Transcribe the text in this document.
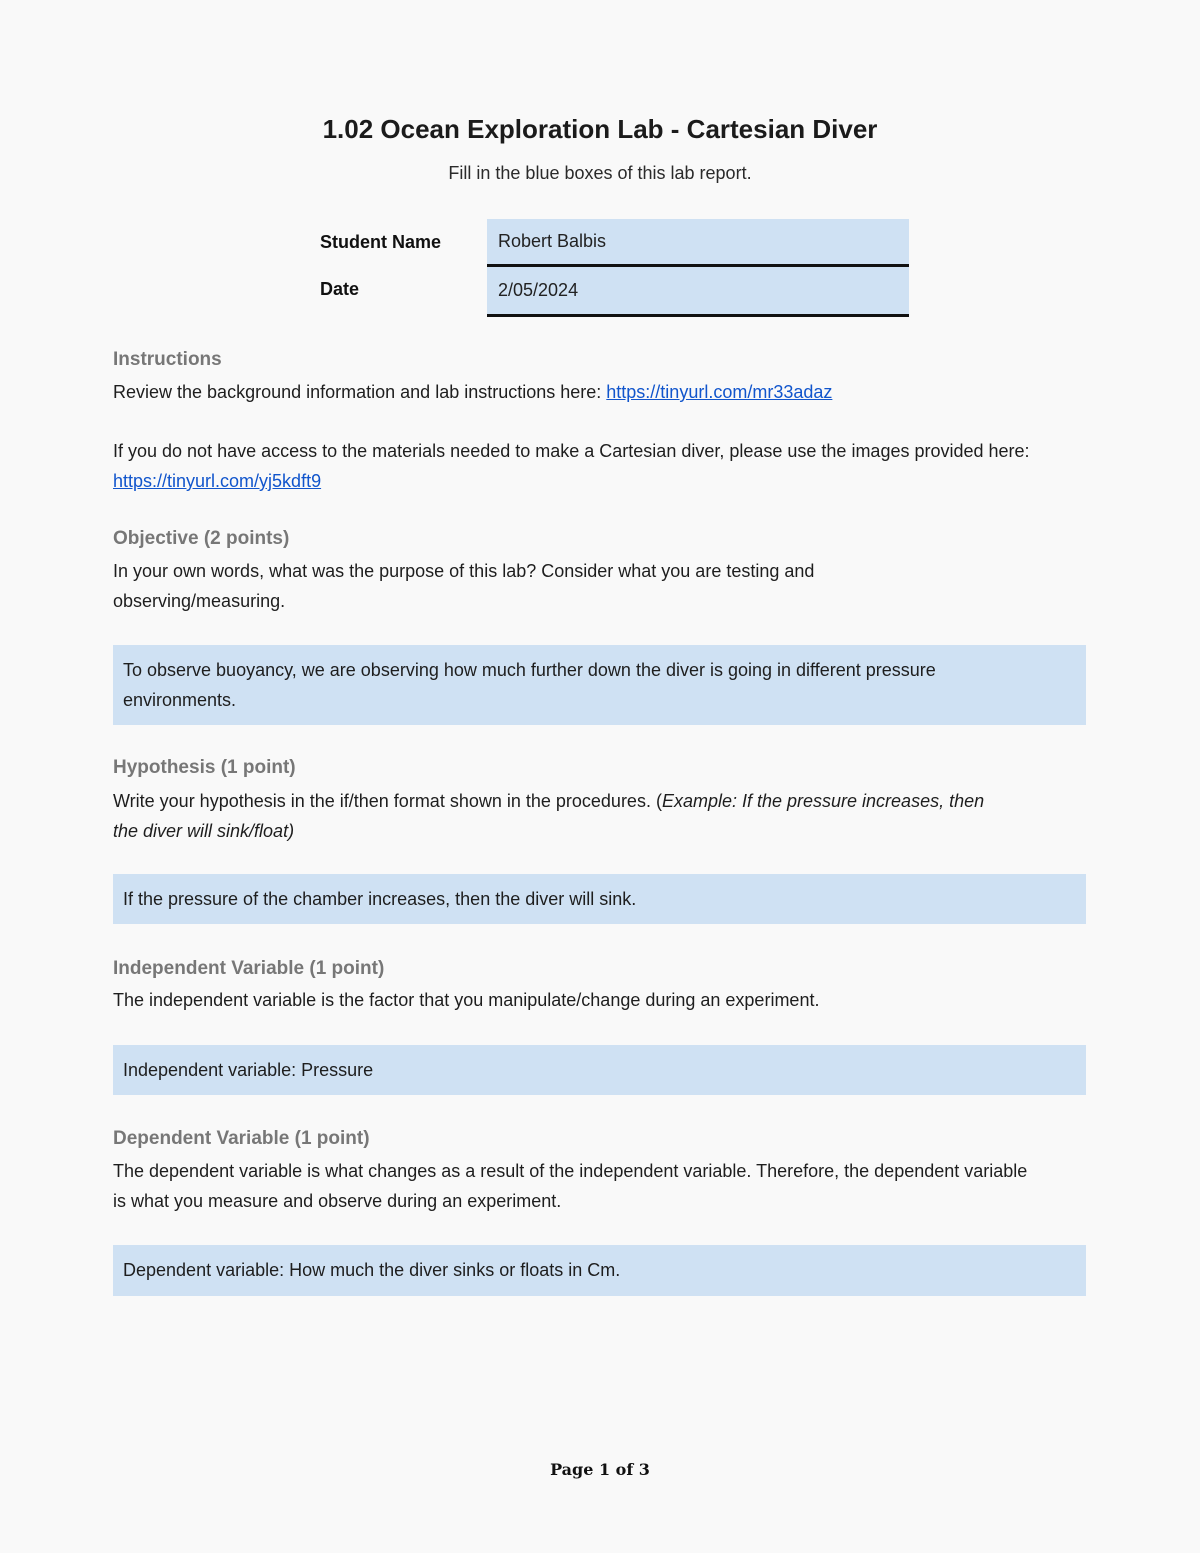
1.02 Ocean Exploration Lab - Cartesian Diver
Fill in the blue boxes of this lab report.
Student Name	Robert Balbis
Date	2/05/2024
Instructions
Review the background information and lab instructions here: https://tinyurl.com/mr33adaz
If you do not have access to the materials needed to make a Cartesian diver, please use the images provided here: https://tinyurl.com/yj5kdft9
Objective (2 points)
In your own words, what was the purpose of this lab? Consider what you are testing and observing/measuring.
To observe buoyancy, we are observing how much further down the diver is going in different pressure environments.
Hypothesis (1 point)
Write your hypothesis in the if/then format shown in the procedures. (Example: If the pressure increases, then the diver will sink/float)
If the pressure of the chamber increases, then the diver will sink.
Independent Variable (1 point)
The independent variable is the factor that you manipulate/change during an experiment.
Independent variable: Pressure
Dependent Variable (1 point)
The dependent variable is what changes as a result of the independent variable. Therefore, the dependent variable is what you measure and observe during an experiment.
Dependent variable: How much the diver sinks or floats in Cm.
Page 1 of 3
